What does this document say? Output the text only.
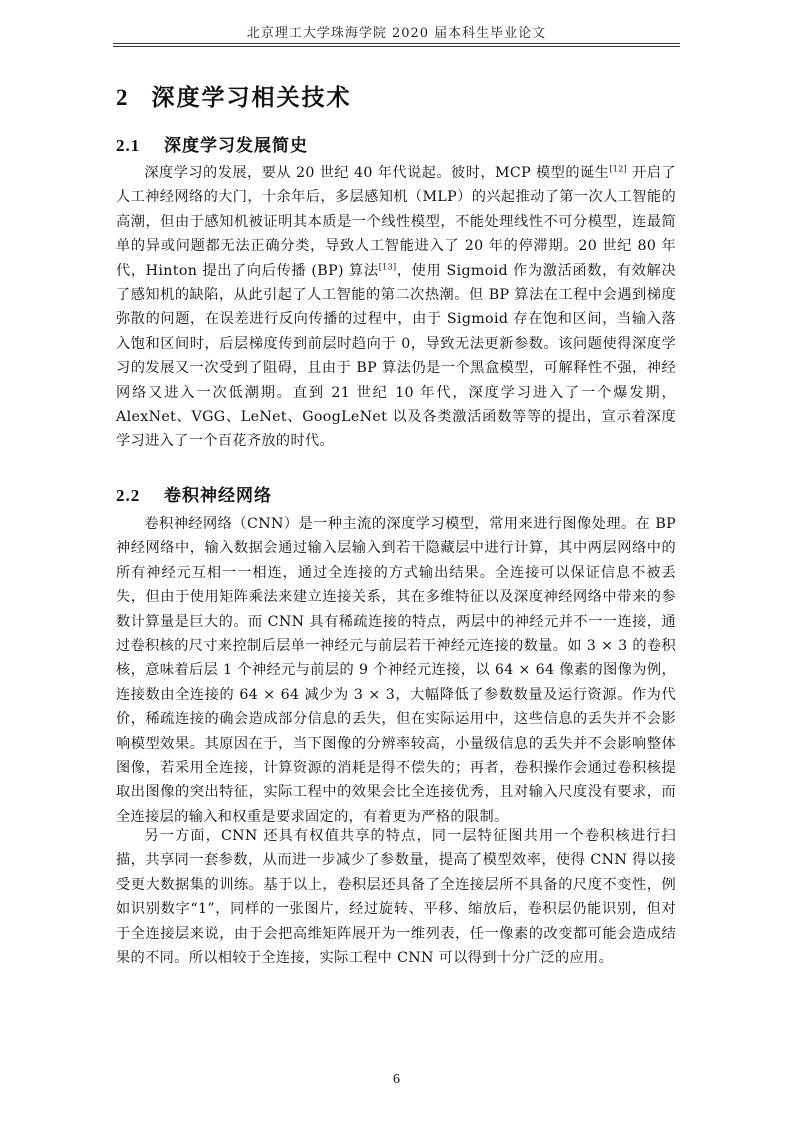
北京理工大学珠海学院 2020 届本科生毕业论文
2 深度学习相关技术
2.1 深度学习发展简史

深度学习的发展，要从 20 世纪 40 年代说起。彼时，MCP 模型的诞生[12] 开启了人工神经网络的大门，十余年后，多层感知机（MLP）的兴起推动了第一次人工智能的高潮，但由于感知机被证明其本质是一个线性模型，不能处理线性不可分模型，连最简单的异或问题都无法正确分类，导致人工智能进入了 20 年的停滞期。20 世纪 80 年代，Hinton 提出了向后传播 (BP) 算法[13]，使用 Sigmoid 作为激活函数，有效解决了感知机的缺陷，从此引起了人工智能的第二次热潮。但 BP 算法在工程中会遇到梯度弥散的问题，在误差进行反向传播的过程中，由于 Sigmoid 存在饱和区间，当输入落入饱和区间时，后层梯度传到前层时趋向于 0，导致无法更新参数。该问题使得深度学习的发展又一次受到了阻碍，且由于 BP 算法仍是一个黑盒模型，可解释性不强，神经网络又进入一次低潮期。直到 21 世纪 10 年代，深度学习进入了一个爆发期，AlexNet、VGG、LeNet、GoogLeNet 以及各类激活函数等等的提出，宣示着深度学习进入了一个百花齐放的时代。

2.2 卷积神经网络

卷积神经网络（CNN）是一种主流的深度学习模型，常用来进行图像处理。在 BP 神经网络中，输入数据会通过输入层输入到若干隐藏层中进行计算，其中两层网络中的所有神经元互相一一相连，通过全连接的方式输出结果。全连接可以保证信息不被丢失，但由于使用矩阵乘法来建立连接关系，其在多维特征以及深度神经网络中带来的参数计算量是巨大的。而 CNN 具有稀疏连接的特点，两层中的神经元并不一一连接，通过卷积核的尺寸来控制后层单一神经元与前层若干神经元连接的数量。如 3 × 3 的卷积核，意味着后层 1 个神经元与前层的 9 个神经元连接，以 64 × 64 像素的图像为例，连接数由全连接的 64 × 64 减少为 3 × 3，大幅降低了参数数量及运行资源。作为代价，稀疏连接的确会造成部分信息的丢失，但在实际运用中，这些信息的丢失并不会影响模型效果。其原因在于，当下图像的分辨率较高，小量级信息的丢失并不会影响整体图像，若采用全连接，计算资源的消耗是得不偿失的；再者，卷积操作会通过卷积核提取出图像的突出特征，实际工程中的效果会比全连接优秀，且对输入尺度没有要求，而全连接层的输入和权重是要求固定的，有着更为严格的限制。

另一方面，CNN 还具有权值共享的特点，同一层特征图共用一个卷积核进行扫描，共享同一套参数，从而进一步减少了参数量，提高了模型效率，使得 CNN 得以接受更大数据集的训练。基于以上，卷积层还具备了全连接层所不具备的尺度不变性，例如识别数字“1”，同样的一张图片，经过旋转、平移、缩放后，卷积层仍能识别，但对于全连接层来说，由于会把高维矩阵展开为一维列表，任一像素的改变都可能会造成结果的不同。所以相较于全连接，实际工程中 CNN 可以得到十分广泛的应用。

6
